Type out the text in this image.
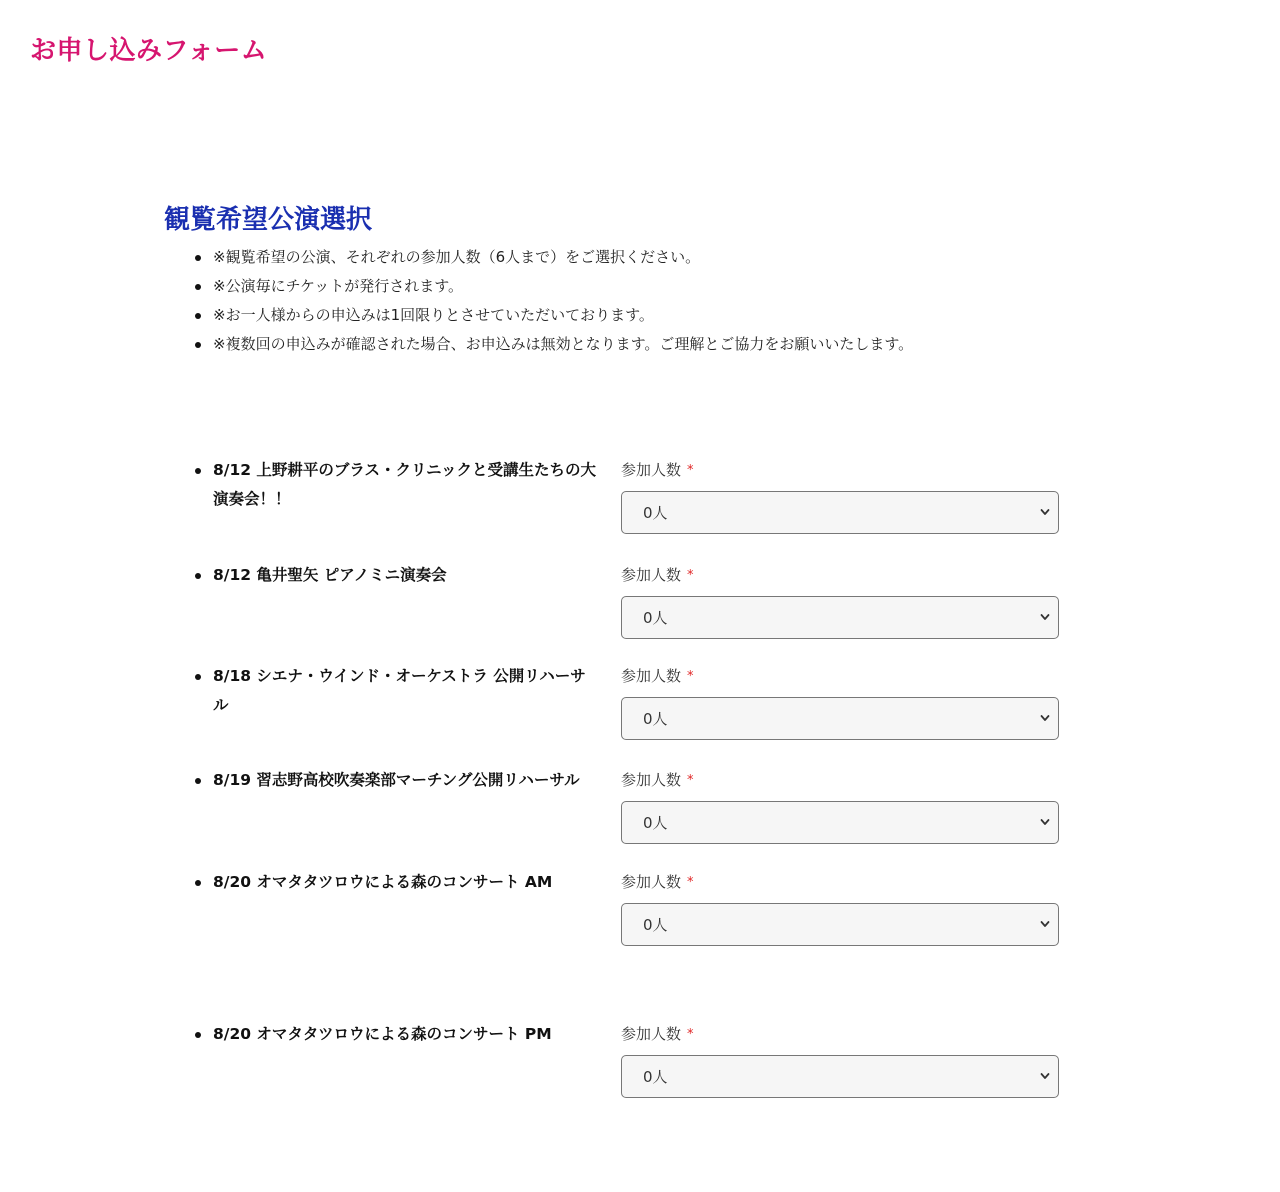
お申し込みフォーム
観覧希望公演選択
※観覧希望の公演、それぞれの参加人数（6人まで）をご選択ください。
※公演毎にチケットが発行されます。
※お一人様からの申込みは1回限りとさせていただいております。
※複数回の申込みが確認された場合、お申込みは無効となります。ご理解とご協力をお願いいたします。
8/12 上野耕平のブラス・クリニックと受講生たちの大演奏会！！
参加人数 *
0人
8/12 亀井聖矢 ピアノミニ演奏会	参加人数 *
0人
8/18 シエナ・ウインド・オーケストラ 公開リハーサル
参加人数 *
0人
8/19 習志野高校吹奏楽部マーチング公開リハーサル	参加人数 *
0人
8/20 オマタタツロウによる森のコンサート AM	参加人数 *
0人
8/20 オマタタツロウによる森のコンサート PM	参加人数 *
0人
